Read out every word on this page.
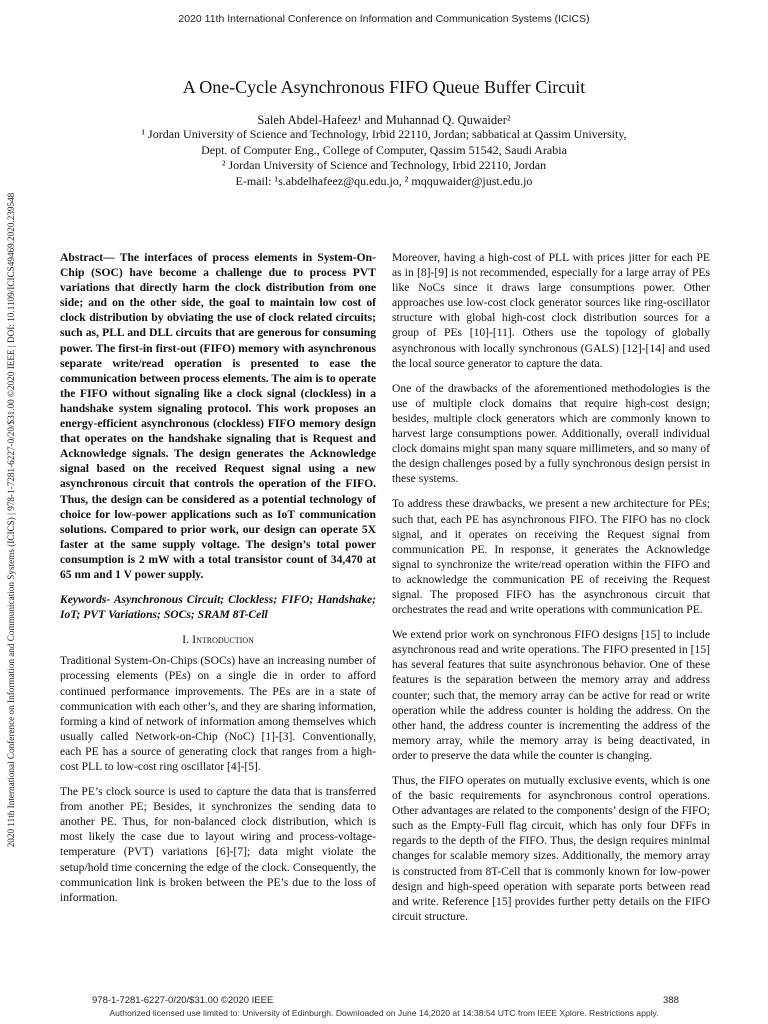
2020 11th International Conference on Information and Communication Systems (ICICS)
2020 11th International Conference on Information and Communication Systems (ICICS) | 978-1-7281-6227-0/20/$31.00 ©2020 IEEE | DOI: 10.1109/ICICS49469.2020.239548
A One-Cycle Asynchronous FIFO Queue Buffer Circuit
Saleh Abdel-Hafeez¹ and Muhannad Q. Quwaider²
¹ Jordan University of Science and Technology, Irbid 22110, Jordan; sabbatical at Qassim University,
Dept. of Computer Eng., College of Computer, Qassim 51542, Saudi Arabia
² Jordan University of Science and Technology, Irbid 22110, Jordan
E-mail: ¹s.abdelhafeez@qu.edu.jo, ² mqquwaider@just.edu.jo

Abstract— The interfaces of process elements in System-On-Chip (SOC) have become a challenge due to process PVT variations that directly harm the clock distribution from one side; and on the other side, the goal to maintain low cost of clock distribution by obviating the use of clock related circuits; such as, PLL and DLL circuits that are generous for consuming power. The first-in first-out (FIFO) memory with asynchronous separate write/read operation is presented to ease the communication between process elements. The aim is to operate the FIFO without signaling like a clock signal (clockless) in a handshake system signaling protocol. This work proposes an energy-efficient asynchronous (clockless) FIFO memory design that operates on the handshake signaling that is Request and Acknowledge signals. The design generates the Acknowledge signal based on the received Request signal using a new asynchronous circuit that controls the operation of the FIFO. Thus, the design can be considered as a potential technology of choice for low-power applications such as IoT communication solutions. Compared to prior work, our design can operate 5X faster at the same supply voltage. The design’s total power consumption is 2 mW with a total transistor count of 34,470 at 65 nm and 1 V power supply.

Keywords- Asynchronous Circuit; Clockless; FIFO; Handshake; IoT; PVT Variations; SOCs; SRAM 8T-Cell

I. Introduction

Traditional System-On-Chips (SOCs) have an increasing number of processing elements (PEs) on a single die in order to afford continued performance improvements. The PEs are in a state of communication with each other’s, and they are sharing information, forming a kind of network of information among themselves which usually called Network-on-Chip (NoC) [1]-[3]. Conventionally, each PE has a source of generating clock that ranges from a high-cost PLL to low-cost ring oscillator [4]-[5].

The PE’s clock source is used to capture the data that is transferred from another PE; Besides, it synchronizes the sending data to another PE. Thus, for non-balanced clock distribution, which is most likely the case due to layout wiring and process-voltage-temperature (PVT) variations [6]-[7]; data might violate the setup/hold time concerning the edge of the clock. Consequently, the communication link is broken between the PE’s due to the loss of information.

Moreover, having a high-cost of PLL with prices jitter for each PE as in [8]-[9] is not recommended, especially for a large array of PEs like NoCs since it draws large consumptions power. Other approaches use low-cost clock generator sources like ring-oscillator structure with global high-cost clock distribution sources for a group of PEs [10]-[11]. Others use the topology of globally asynchronous with locally synchronous (GALS) [12]-[14] and used the local source generator to capture the data.

One of the drawbacks of the aforementioned methodologies is the use of multiple clock domains that require high-cost design; besides, multiple clock generators which are commonly known to harvest large consumptions power. Additionally, overall individual clock domains might span many square millimeters, and so many of the design challenges posed by a fully synchronous design persist in these systems.

To address these drawbacks, we present a new architecture for PEs; such that, each PE has asynchronous FIFO. The FIFO has no clock signal, and it operates on receiving the Request signal from communication PE. In response, it generates the Acknowledge signal to synchronize the write/read operation within the FIFO and to acknowledge the communication PE of receiving the Request signal. The proposed FIFO has the asynchronous circuit that orchestrates the read and write operations with communication PE.

We extend prior work on synchronous FIFO designs [15] to include asynchronous read and write operations. The FIFO presented in [15] has several features that suite asynchronous behavior. One of these features is the separation between the memory array and address counter; such that, the memory array can be active for read or write operation while the address counter is holding the address. On the other hand, the address counter is incrementing the address of the memory array, while the memory array is being deactivated, in order to preserve the data while the counter is changing.

Thus, the FIFO operates on mutually exclusive events, which is one of the basic requirements for asynchronous control operations. Other advantages are related to the components’ design of the FIFO; such as the Empty-Full flag circuit, which has only four DFFs in regards to the depth of the FIFO. Thus, the design requires minimal changes for scalable memory sizes. Additionally, the memory array is constructed from 8T-Cell that is commonly known for low-power design and high-speed operation with separate ports between read and write. Reference [15] provides further petty details on the FIFO circuit structure.

978-1-7281-6227-0/20/$31.00 ©2020 IEEE	388
Authorized licensed use limited to: University of Edinburgh. Downloaded on June 14,2020 at 14:38:54 UTC from IEEE Xplore. Restrictions apply.
